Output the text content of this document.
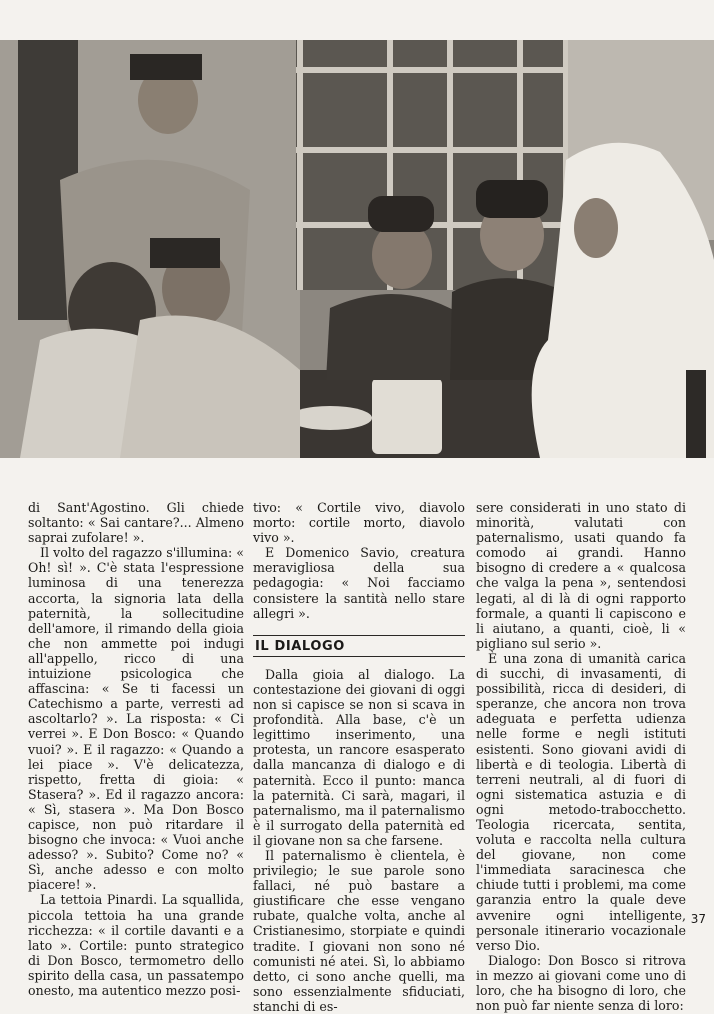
di Sant'Agostino. Gli chiede soltanto: « Sai cantare?... Almeno saprai zufolare! ».

Il volto del ragazzo s'illumina: « Oh! sì! ». C'è stata l'espressione luminosa di una tenerezza accorta, la signoria lata della paternità, la sollecitudine dell'amore, il rimando della gioia che non ammette poi indugi all'appello, ricco di una intuizione psicologica che affascina: « Se ti facessi un Catechismo a parte, verresti ad ascoltarlo? ». La risposta: « Ci verrei ». E Don Bosco: « Quando vuoi? ». E il ragazzo: « Quando a lei piace ». V'è delicatezza, rispetto, fretta di gioia: « Stasera? ». Ed il ragazzo ancora: « Sì, stasera ». Ma Don Bosco capisce, non può ritardare il bisogno che invoca: « Vuoi anche adesso? ». Subito? Come no? « Sì, anche adesso e con molto piacere! ».

La tettoia Pinardi. La squallida, piccola tettoia ha una grande ricchezza: « il cortile davanti e a lato ». Cortile: punto strategico di Don Bosco, termometro dello spirito della casa, un passatempo onesto, ma autentico mezzo posi-

tivo: « Cortile vivo, diavolo morto: cortile morto, diavolo vivo ».

E Domenico Savio, creatura meravigliosa della sua pedagogia: « Noi facciamo consistere la santità nello stare allegri ».

IL DIALOGO

Dalla gioia al dialogo. La contestazione dei giovani di oggi non si capisce se non si scava in profondità. Alla base, c'è un legittimo inserimento, una protesta, un rancore esasperato dalla mancanza di dialogo e di paternità. Ecco il punto: manca la paternità. Ci sarà, magari, il paternalismo, ma il paternalismo è il surrogato della paternità ed il giovane non sa che farsene.

Il paternalismo è clientela, è privilegio; le sue parole sono fallaci, né può bastare a giustificare che esse vengano rubate, qualche volta, anche al Cristianesimo, storpiate e quindi tradite. I giovani non sono né comunisti né atei. Sì, lo abbiamo detto, ci sono anche quelli, ma sono essenzialmente sfiduciati, stanchi di es-

sere considerati in uno stato di minorità, valutati con paternalismo, usati quando fa comodo ai grandi. Hanno bisogno di credere a « qualcosa che valga la pena », sentendosi legati, al di là di ogni rapporto formale, a quanti li capiscono e li aiutano, a quanti, cioè, li « pigliano sul serio ».

È una zona di umanità carica di succhi, di invasamenti, di possibilità, ricca di desideri, di speranze, che ancora non trova adeguata e perfetta udienza nelle forme e negli istituti esistenti. Sono giovani avidi di libertà e di teologia. Libertà di terreni neutrali, al di fuori di ogni sistematica astuzia e di ogni metodo-trabocchetto. Teologia ricercata, sentita, voluta e raccolta nella cultura del giovane, non come l'immediata saracinesca che chiude tutti i problemi, ma come garanzia entro la quale deve avvenire ogni intelligente, personale itinerario vocazionale verso Dio.

Dialogo: Don Bosco si ritrova in mezzo ai giovani come uno di loro, che ha bisogno di loro, che non può far niente senza di loro:

37
